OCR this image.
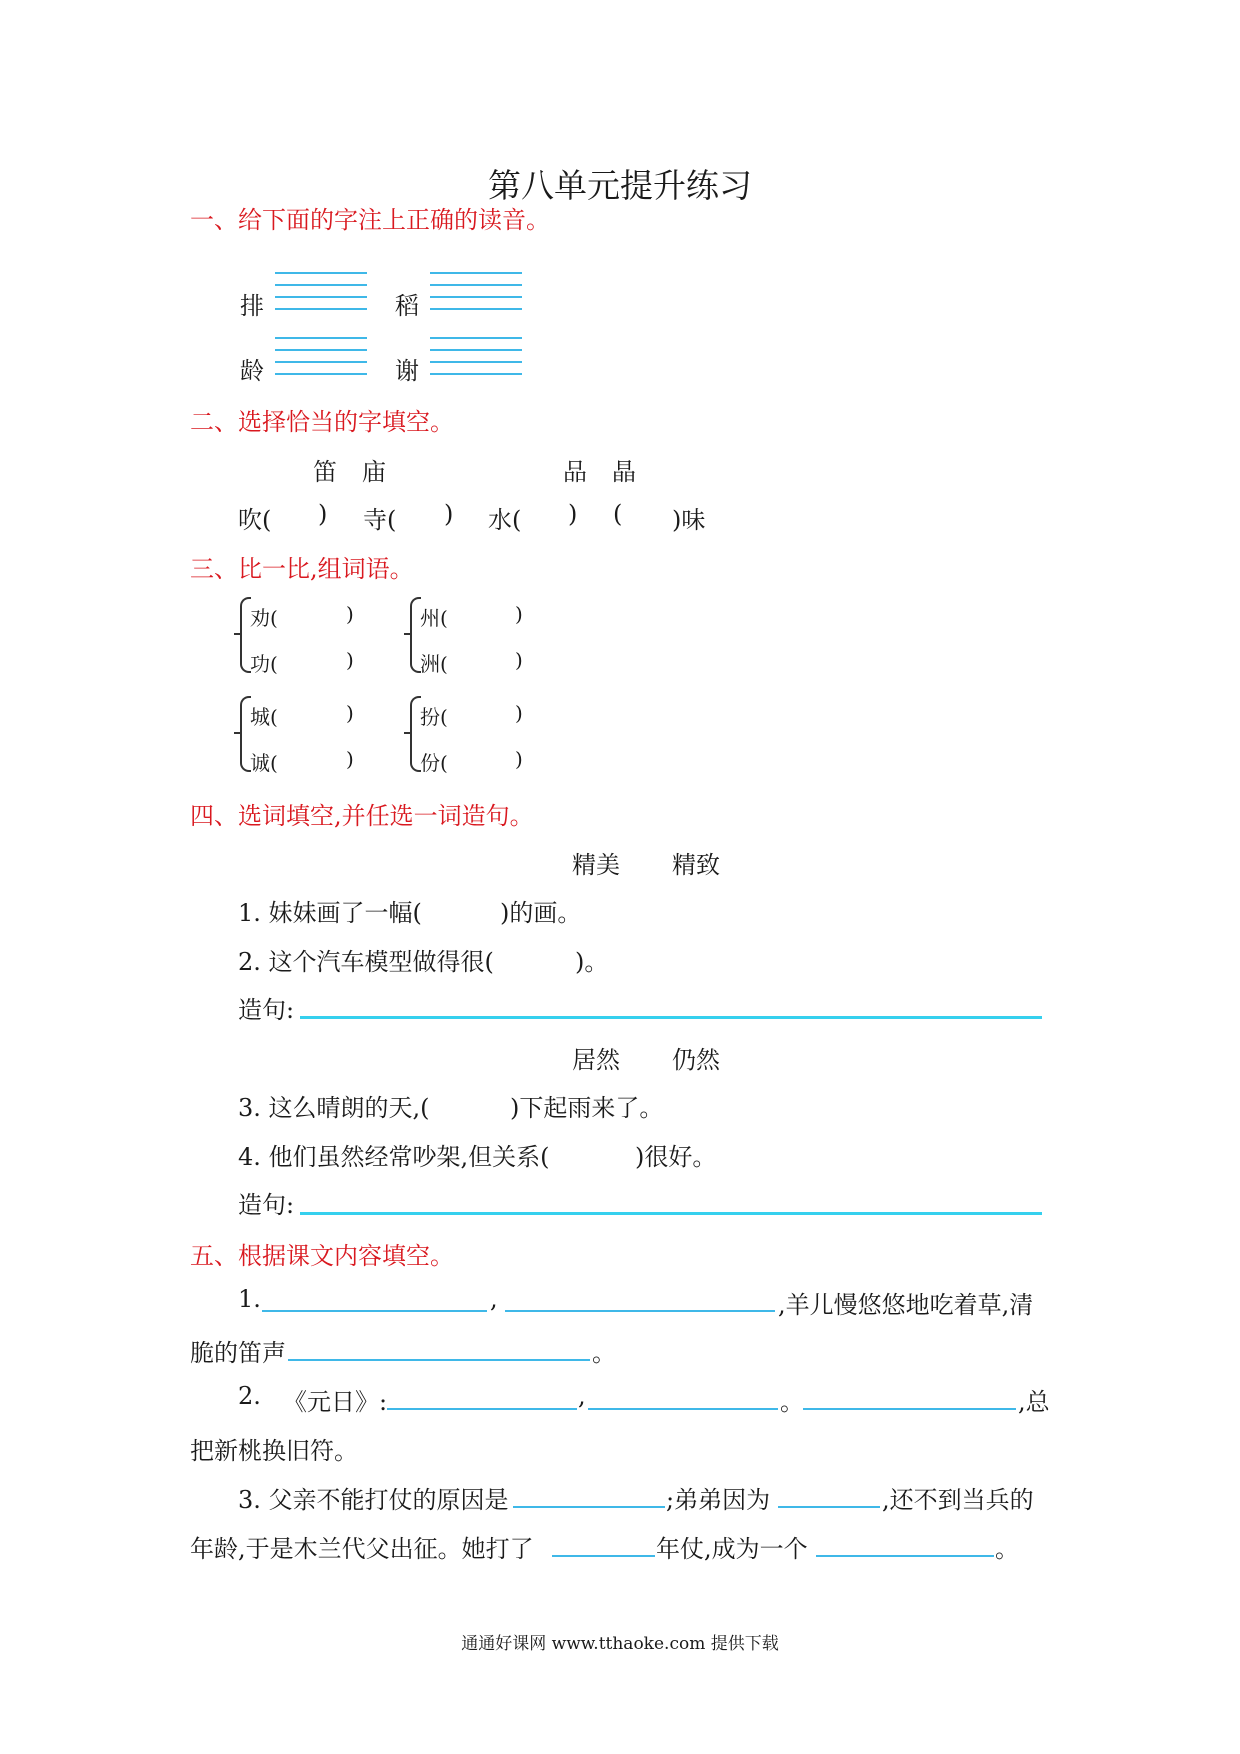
第八单元提升练习
一、给下面的字注上正确的读音。
排	稻
龄	谢
二、选择恰当的字填空。
笛 庙	品 晶
吹( ) 寺( ) 水( ) ( )味
三、比一比,组词语。
劝(	)
功(	)
州(	)
洲(	)
城(	)
诚(	)
扮(	)
份(	)
四、选词填空,并任选一词造句。
精美 精致
1. 妹妹画了一幅(	)的画。
2. 这个汽车模型做得很(	)。
造句:
居然 仍然
3. 这么晴朗的天,(	)下起雨来了。
4. 他们虽然经常吵架,但关系(	)很好。
造句:
五、根据课文内容填空。
1.	,	,羊儿慢悠悠地吃着草,清
脆的笛声	。
2. 《元日》:	,	。	,总
把新桃换旧符。
3. 父亲不能打仗的原因是	;弟弟因为	,还不到当兵的
年龄,于是木兰代父出征。她打了	年仗,成为一个	。
通通好课网 www.tthaoke.com 提供下载
